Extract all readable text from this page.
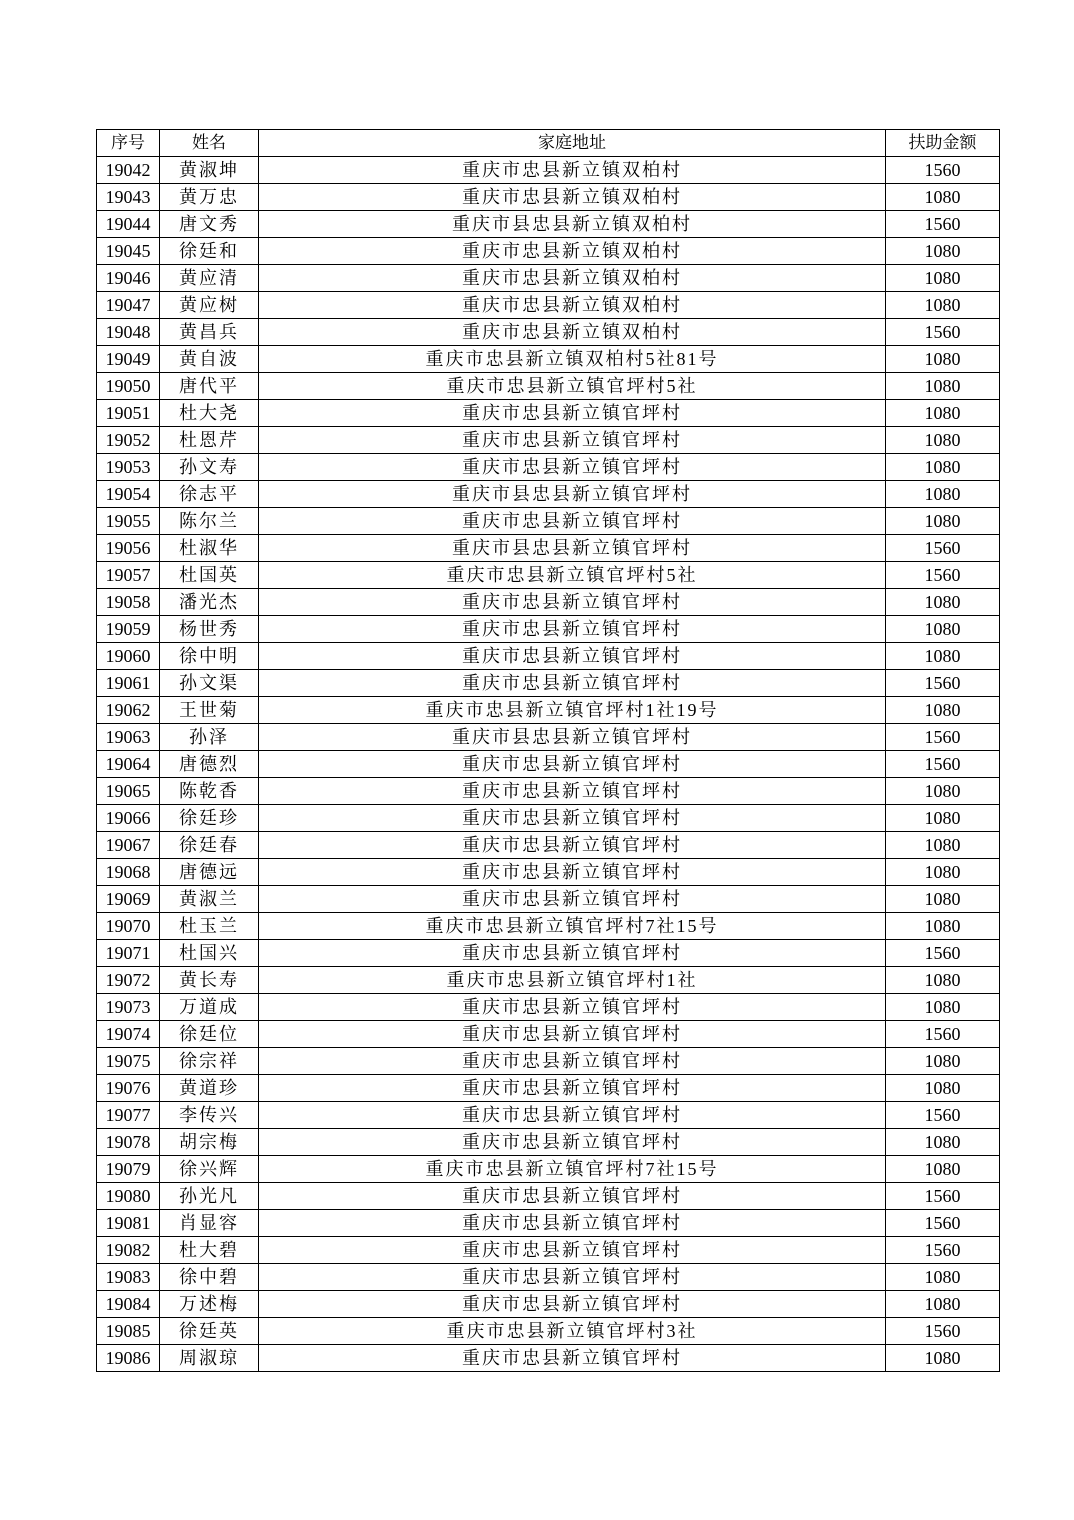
序号	姓名	家庭地址	扶助金额
19042	黄淑坤	重庆市忠县新立镇双柏村	1560
19043	黄万忠	重庆市忠县新立镇双柏村	1080
19044	唐文秀	重庆市县忠县新立镇双柏村	1560
19045	徐廷和	重庆市忠县新立镇双柏村	1080
19046	黄应清	重庆市忠县新立镇双柏村	1080
19047	黄应树	重庆市忠县新立镇双柏村	1080
19048	黄昌兵	重庆市忠县新立镇双柏村	1560
19049	黄自波	重庆市忠县新立镇双柏村5社81号	1080
19050	唐代平	重庆市忠县新立镇官坪村5社	1080
19051	杜大尧	重庆市忠县新立镇官坪村	1080
19052	杜恩芹	重庆市忠县新立镇官坪村	1080
19053	孙文寿	重庆市忠县新立镇官坪村	1080
19054	徐志平	重庆市县忠县新立镇官坪村	1080
19055	陈尔兰	重庆市忠县新立镇官坪村	1080
19056	杜淑华	重庆市县忠县新立镇官坪村	1560
19057	杜国英	重庆市忠县新立镇官坪村5社	1560
19058	潘光杰	重庆市忠县新立镇官坪村	1080
19059	杨世秀	重庆市忠县新立镇官坪村	1080
19060	徐中明	重庆市忠县新立镇官坪村	1080
19061	孙文渠	重庆市忠县新立镇官坪村	1560
19062	王世菊	重庆市忠县新立镇官坪村1社19号	1080
19063	孙泽	重庆市县忠县新立镇官坪村	1560
19064	唐德烈	重庆市忠县新立镇官坪村	1560
19065	陈乾香	重庆市忠县新立镇官坪村	1080
19066	徐廷珍	重庆市忠县新立镇官坪村	1080
19067	徐廷春	重庆市忠县新立镇官坪村	1080
19068	唐德远	重庆市忠县新立镇官坪村	1080
19069	黄淑兰	重庆市忠县新立镇官坪村	1080
19070	杜玉兰	重庆市忠县新立镇官坪村7社15号	1080
19071	杜国兴	重庆市忠县新立镇官坪村	1560
19072	黄长寿	重庆市忠县新立镇官坪村1社	1080
19073	万道成	重庆市忠县新立镇官坪村	1080
19074	徐廷位	重庆市忠县新立镇官坪村	1560
19075	徐宗祥	重庆市忠县新立镇官坪村	1080
19076	黄道珍	重庆市忠县新立镇官坪村	1080
19077	李传兴	重庆市忠县新立镇官坪村	1560
19078	胡宗梅	重庆市忠县新立镇官坪村	1080
19079	徐兴辉	重庆市忠县新立镇官坪村7社15号	1080
19080	孙光凡	重庆市忠县新立镇官坪村	1560
19081	肖显容	重庆市忠县新立镇官坪村	1560
19082	杜大碧	重庆市忠县新立镇官坪村	1560
19083	徐中碧	重庆市忠县新立镇官坪村	1080
19084	万述梅	重庆市忠县新立镇官坪村	1080
19085	徐廷英	重庆市忠县新立镇官坪村3社	1560
19086	周淑琼	重庆市忠县新立镇官坪村	1080
